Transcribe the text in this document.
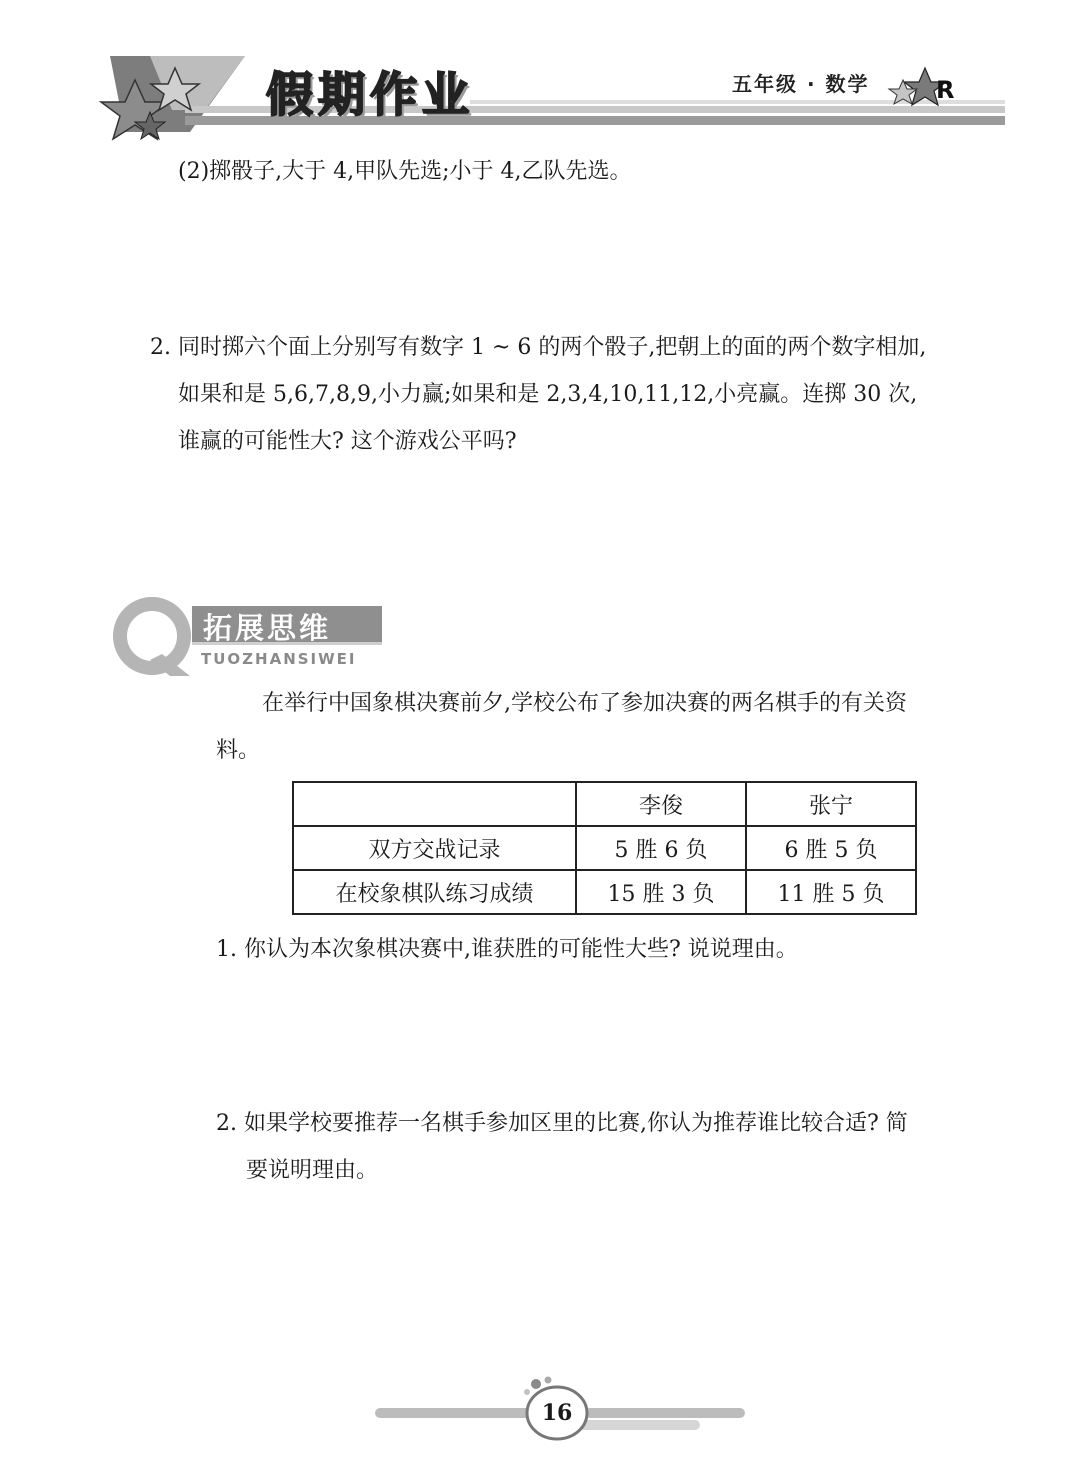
假期作业	五年级 · 数学	R
(2)掷骰子,大于 4,甲队先选;小于 4,乙队先选。
2. 同时掷六个面上分别写有数字 1 ~ 6 的两个骰子,把朝上的面的两个数字相加,
如果和是 5,6,7,8,9,小力赢;如果和是 2,3,4,10,11,12,小亮赢。连掷 30 次,
谁赢的可能性大? 这个游戏公平吗?
拓展思维
TUOZHANSIWEI
在举行中国象棋决赛前夕,学校公布了参加决赛的两名棋手的有关资
料。
	李俊	张宁
双方交战记录	5 胜 6 负	6 胜 5 负
在校象棋队练习成绩	15 胜 3 负	11 胜 5 负
1. 你认为本次象棋决赛中,谁获胜的可能性大些? 说说理由。
2. 如果学校要推荐一名棋手参加区里的比赛,你认为推荐谁比较合适? 简
要说明理由。
16
